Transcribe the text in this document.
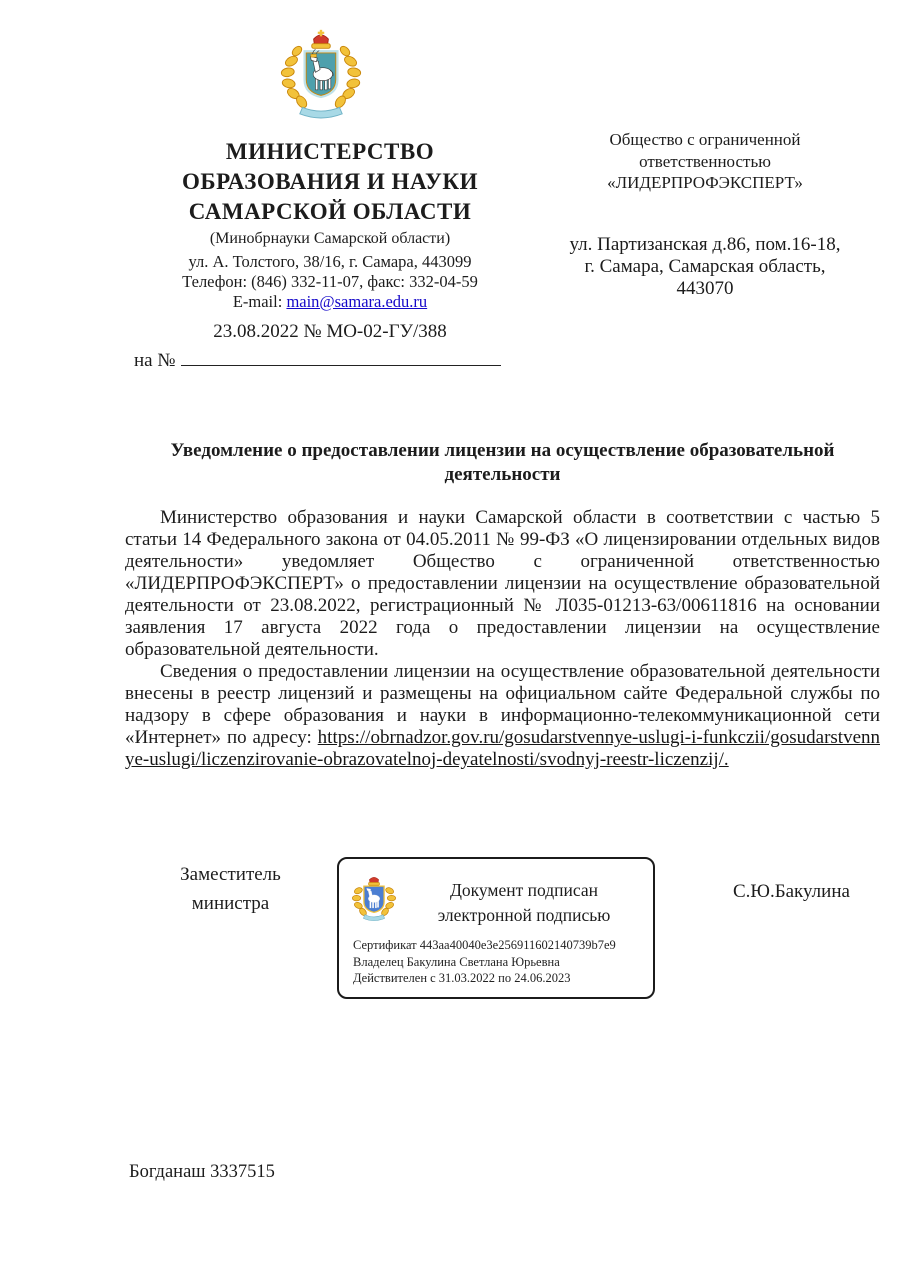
МИНИСТЕРСТВО
ОБРАЗОВАНИЯ И НАУКИ
САМАРСКОЙ ОБЛАСТИ
(Минобрнауки Самарской области)
ул. А. Толстого, 38/16, г. Самара, 443099
Телефон: (846) 332-11-07, факс: 332-04-59
E-mail: main@samara.edu.ru
23.08.2022 № МО-02-ГУ/388
на №
Общество с ограниченной
ответственностью
«ЛИДЕРПРОФЭКСПЕРТ»
ул. Партизанская д.86, пом.16-18,
г. Самара, Самарская область,
443070
Уведомление о предоставлении лицензии на осуществление образовательной деятельности

Министерство образования и науки Самарской области в соответствии с частью 5 статьи 14 Федерального закона от 04.05.2011 № 99-ФЗ «О лицензировании отдельных видов деятельности» уведомляет Общество с ограниченной ответственностью «ЛИДЕРПРОФЭКСПЕРТ» о предоставлении лицензии на осуществление образовательной деятельности от 23.08.2022, регистрационный № Л035-01213-63/00611816 на основании заявления 17 августа 2022 года о предоставлении лицензии на осуществление образовательной деятельности.

Сведения о предоставлении лицензии на осуществление образовательной деятельности внесены в реестр лицензий и размещены на официальном сайте Федеральной службы по надзору в сфере образования и науки в информационно-телекоммуникационной сети «Интернет» по адресу: https://obrnadzor.gov.ru/gosudarstvennye-uslugi-i-funkczii/gosudarstvennye-uslugi/liczenzirovanie-obrazovatelnoj-deyatelnosti/svodnyj-reestr-liczenzij/.

Заместитель
министра
Документ подписан
электронной подписью
Сертификат 443aa40040e3e256911602140739b7e9
Владелец Бакулина Светлана Юрьевна
Действителен с 31.03.2022 по 24.06.2023
С.Ю.Бакулина
Богданаш 3337515
